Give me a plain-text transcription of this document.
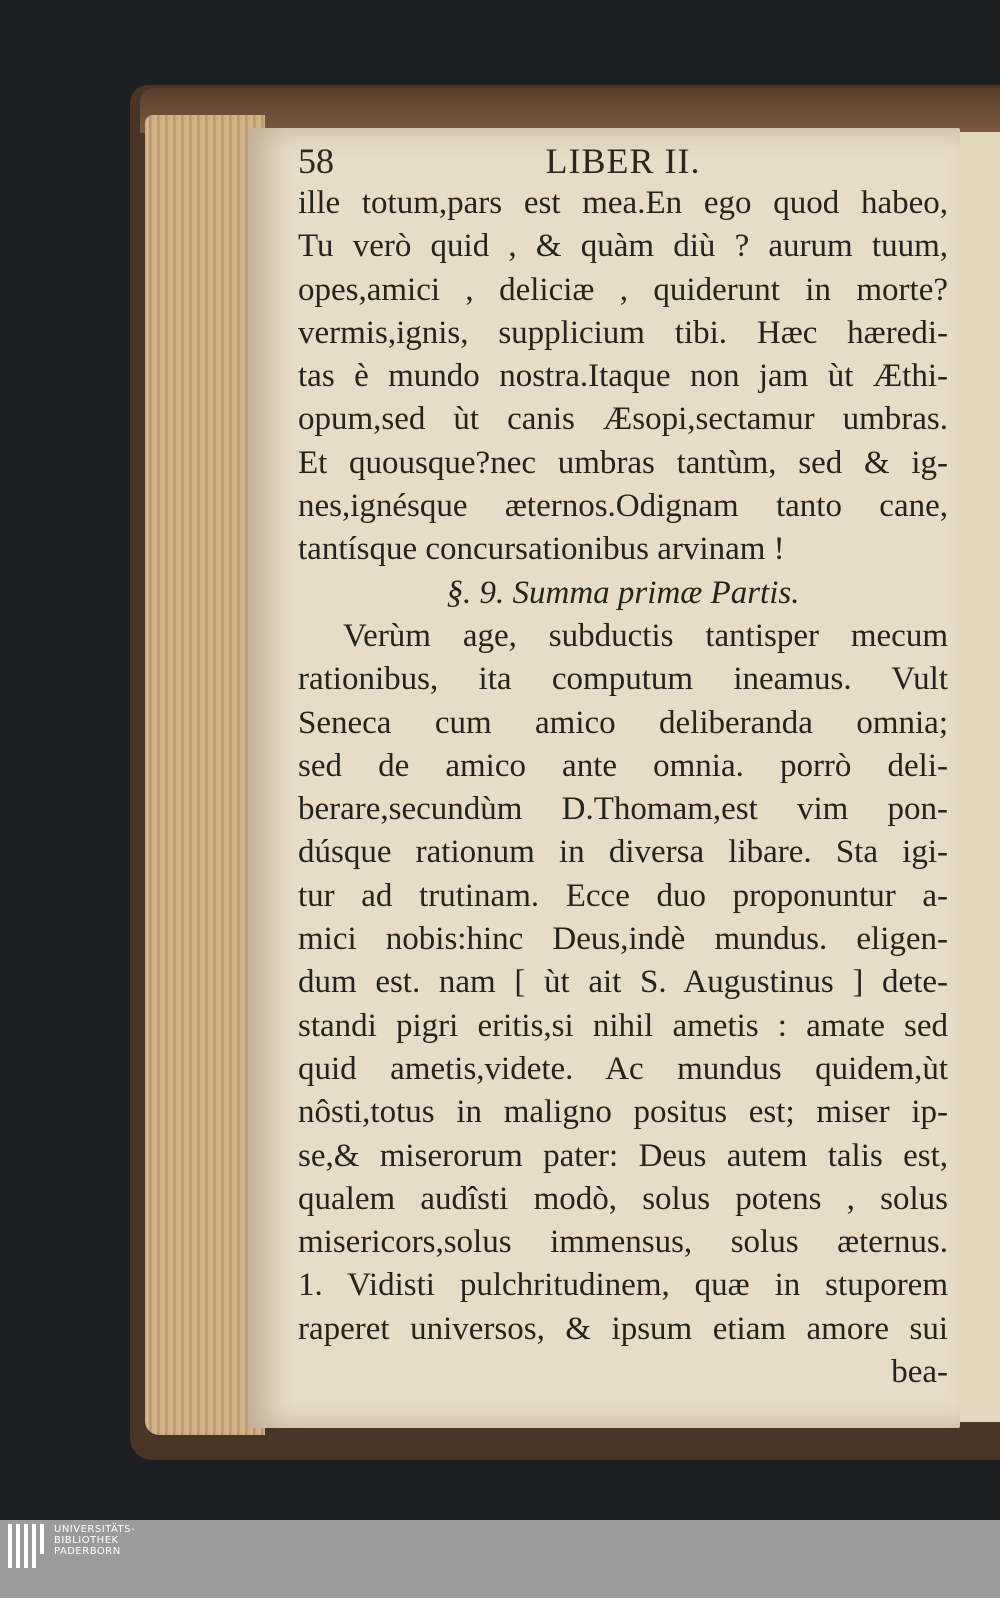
58	LIBER II.
ille totum,pars est mea.En ego quod habeo,
Tu verò quid , & quàm diù ? aurum tuum,
opes,amici , deliciæ , quiderunt in morte?
vermis,ignis, supplicium tibi. Hæc hæredi-
tas è mundo nostra.Itaque non jam ùt Æthi-
opum,sed ùt canis Æsopi,sectamur umbras.
Et quousque?nec umbras tantùm, sed & ig-
nes,ignésque æternos.Odignam tanto cane,
tantísque concursationibus arvinam !
§. 9. Summa primæ Partis.
Verùm age, subductis tantisper mecum
rationibus, ita computum ineamus. Vult
Seneca cum amico deliberanda omnia;
sed de amico ante omnia. porrò deli-
berare,secundùm D.Thomam,est vim pon-
dúsque rationum in diversa libare. Sta igi-
tur ad trutinam. Ecce duo proponuntur a-
mici nobis:hinc Deus,indè mundus. eligen-
dum est. nam [ ùt ait S. Augustinus ] dete-
standi pigri eritis,si nihil ametis : amate sed
quid ametis,videte. Ac mundus quidem,ùt
nôsti,totus in maligno positus est; miser ip-
se,& miserorum pater: Deus autem talis est,
qualem audîsti modò, solus potens , solus
misericors,solus immensus, solus æternus.
1. Vidisti pulchritudinem, quæ in stuporem
raperet universos, & ipsum etiam amore sui
bea-
UNIVERSITÄTS-
BIBLIOTHEK
PADERBORN
